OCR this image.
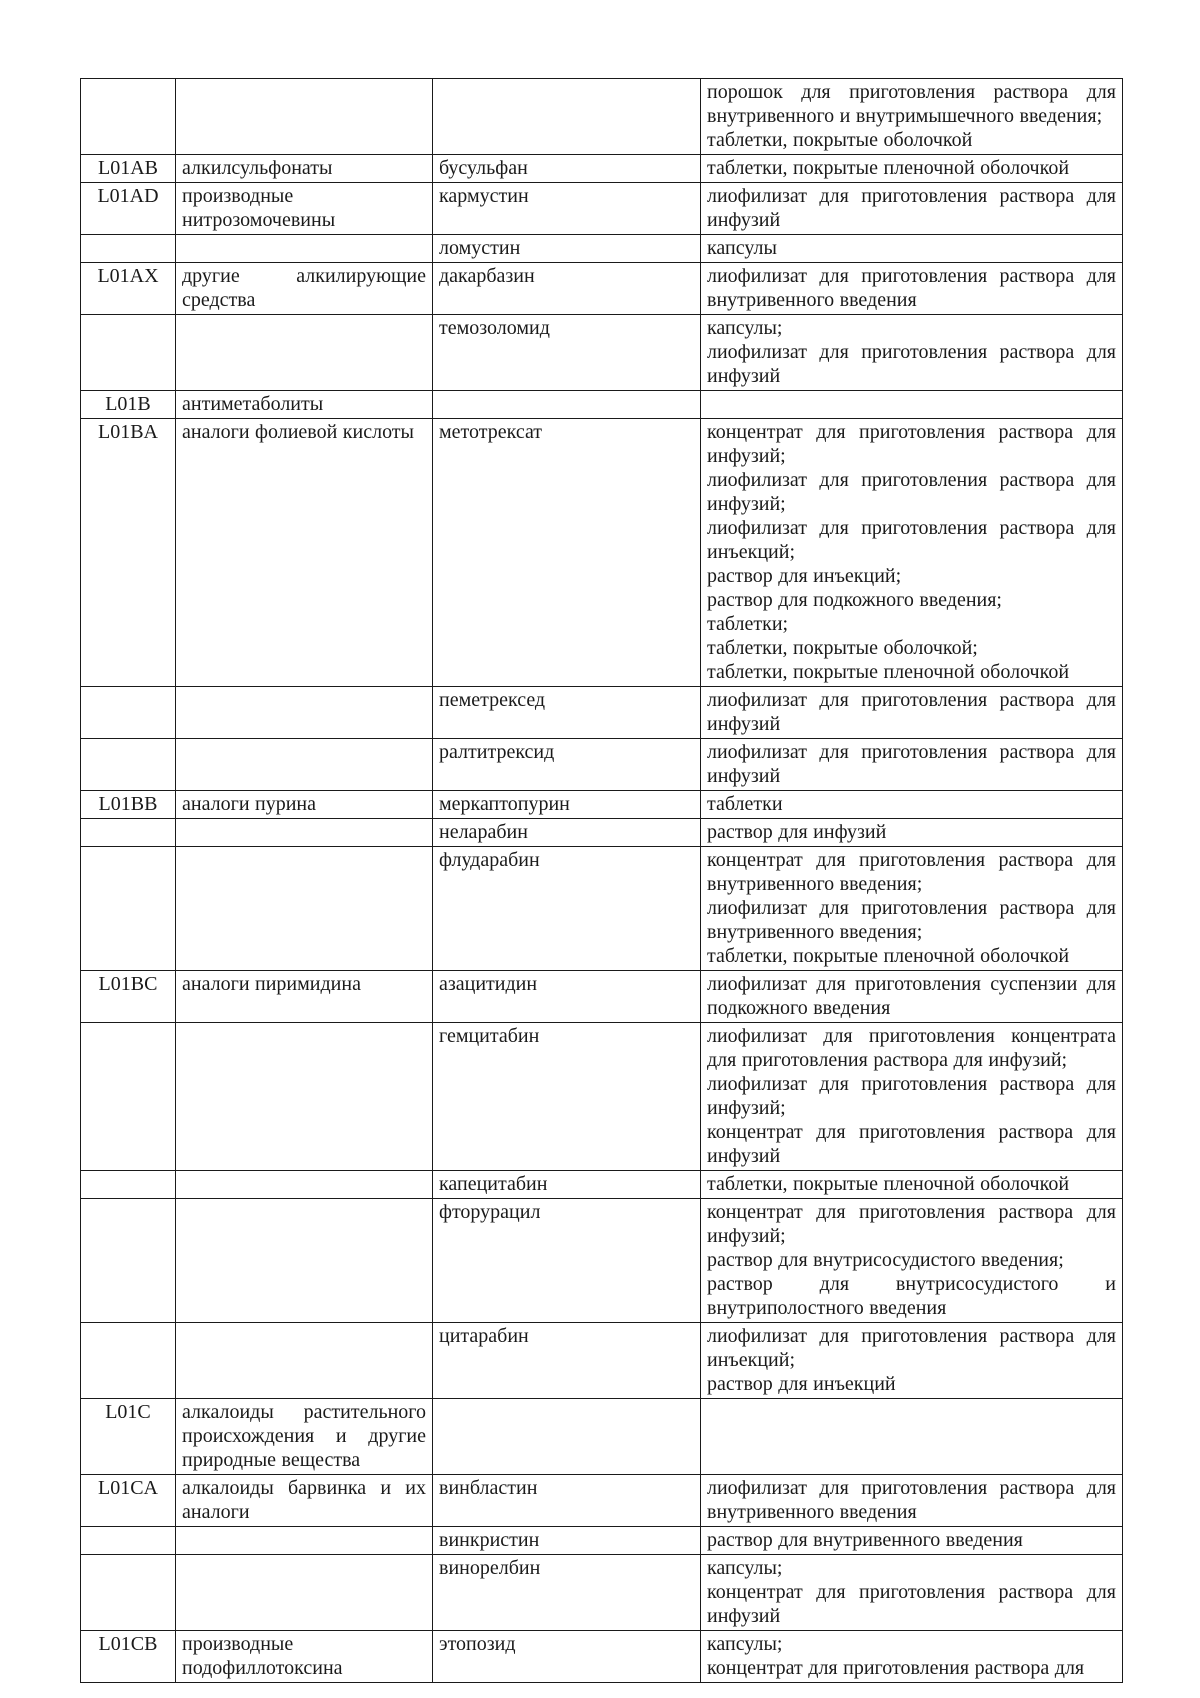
			порошок для приготовления раствора для внутривенного и внутримышечного введения;
таблетки, покрытые оболочкой

L01AB	алкилсульфонаты	бусульфан	таблетки, покрытые пленочной оболочкой

L01AD	производные нитрозомочевины	кармустин	лиофилизат для приготовления раствора для инфузий

		ломустин	капсулы

L01AX	другие алкилирующие средства	дакарбазин	лиофилизат для приготовления раствора для внутривенного введения

		темозоломид	капсулы;
лиофилизат для приготовления раствора для инфузий

L01B	антиметаболиты		
L01BA	аналоги фолиевой кислоты	метотрексат	концентрат для приготовления раствора для инфузий;
лиофилизат для приготовления раствора для инфузий;
лиофилизат для приготовления раствора для инъекций;
раствор для инъекций;
раствор для подкожного введения;
таблетки;
таблетки, покрытые оболочкой;
таблетки, покрытые пленочной оболочкой

		пеметрексед	лиофилизат для приготовления раствора для инфузий

		ралтитрексид	лиофилизат для приготовления раствора для инфузий

L01BB	аналоги пурина	меркаптопурин	таблетки

		неларабин	раствор для инфузий

		флударабин	концентрат для приготовления раствора для внутривенного введения;
лиофилизат для приготовления раствора для внутривенного введения;
таблетки, покрытые пленочной оболочкой

L01BC	аналоги пиримидина	азацитидин	лиофилизат для приготовления суспензии для подкожного введения

		гемцитабин	лиофилизат для приготовления концентрата для приготовления раствора для инфузий;
лиофилизат для приготовления раствора для инфузий;
концентрат для приготовления раствора для инфузий

		капецитабин	таблетки, покрытые пленочной оболочкой

		фторурацил	концентрат для приготовления раствора для инфузий;
раствор для внутрисосудистого введения;
раствор для внутрисосудистого и внутриполостного введения

		цитарабин	лиофилизат для приготовления раствора для инъекций;
раствор для инъекций

L01C	алкалоиды растительного происхождения и другие природные вещества		
L01CA	алкалоиды барвинка и их аналоги	винбластин	лиофилизат для приготовления раствора для внутривенного введения

		винкристин	раствор для внутривенного введения

		винорелбин	капсулы;
концентрат для приготовления раствора для инфузий

L01CB	производные подофиллотоксина	этопозид	капсулы;
концентрат для приготовления раствора для
